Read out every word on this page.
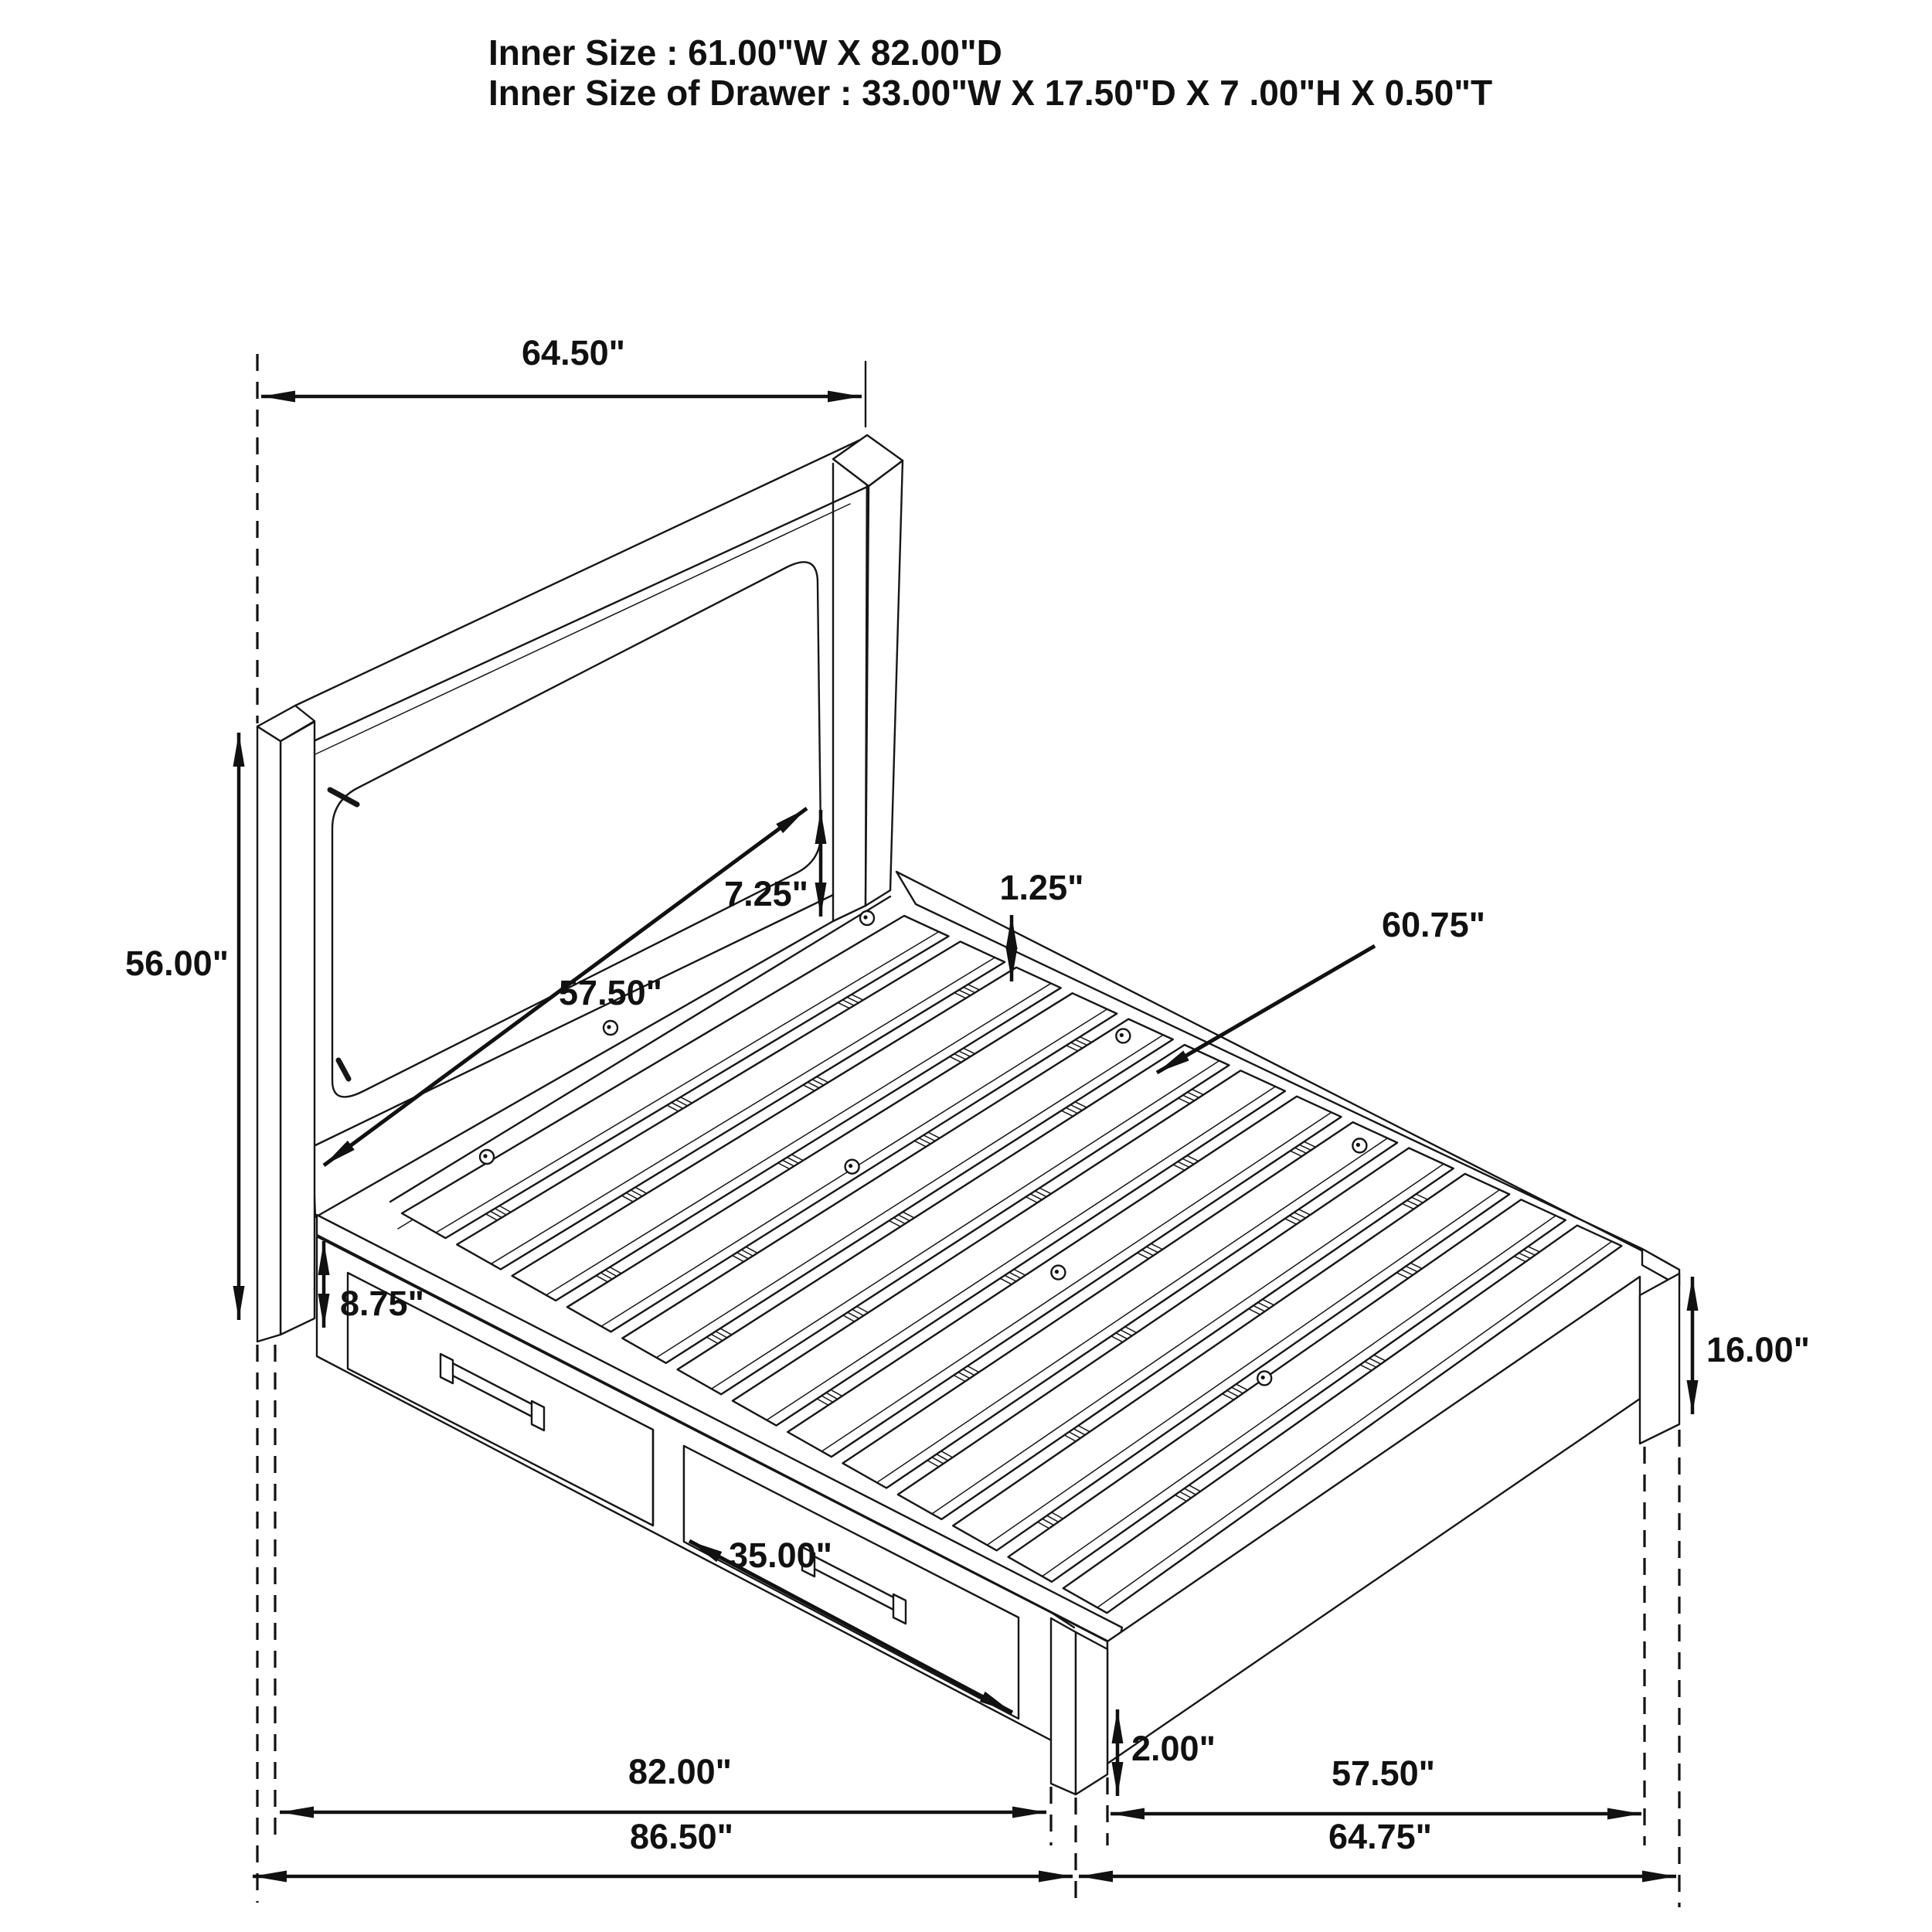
Inner Size : 61.00"W X 82.00"D
Inner Size of Drawer : 33.00"W X 17.50"D X 7 .00"H X 0.50"T
64.50"
56.00"
57.50"
7.25"	1.25"
60.75"
16.00"
8.75"
35.00"
2.00"
82.00"
86.50"
57.50"
64.75"
